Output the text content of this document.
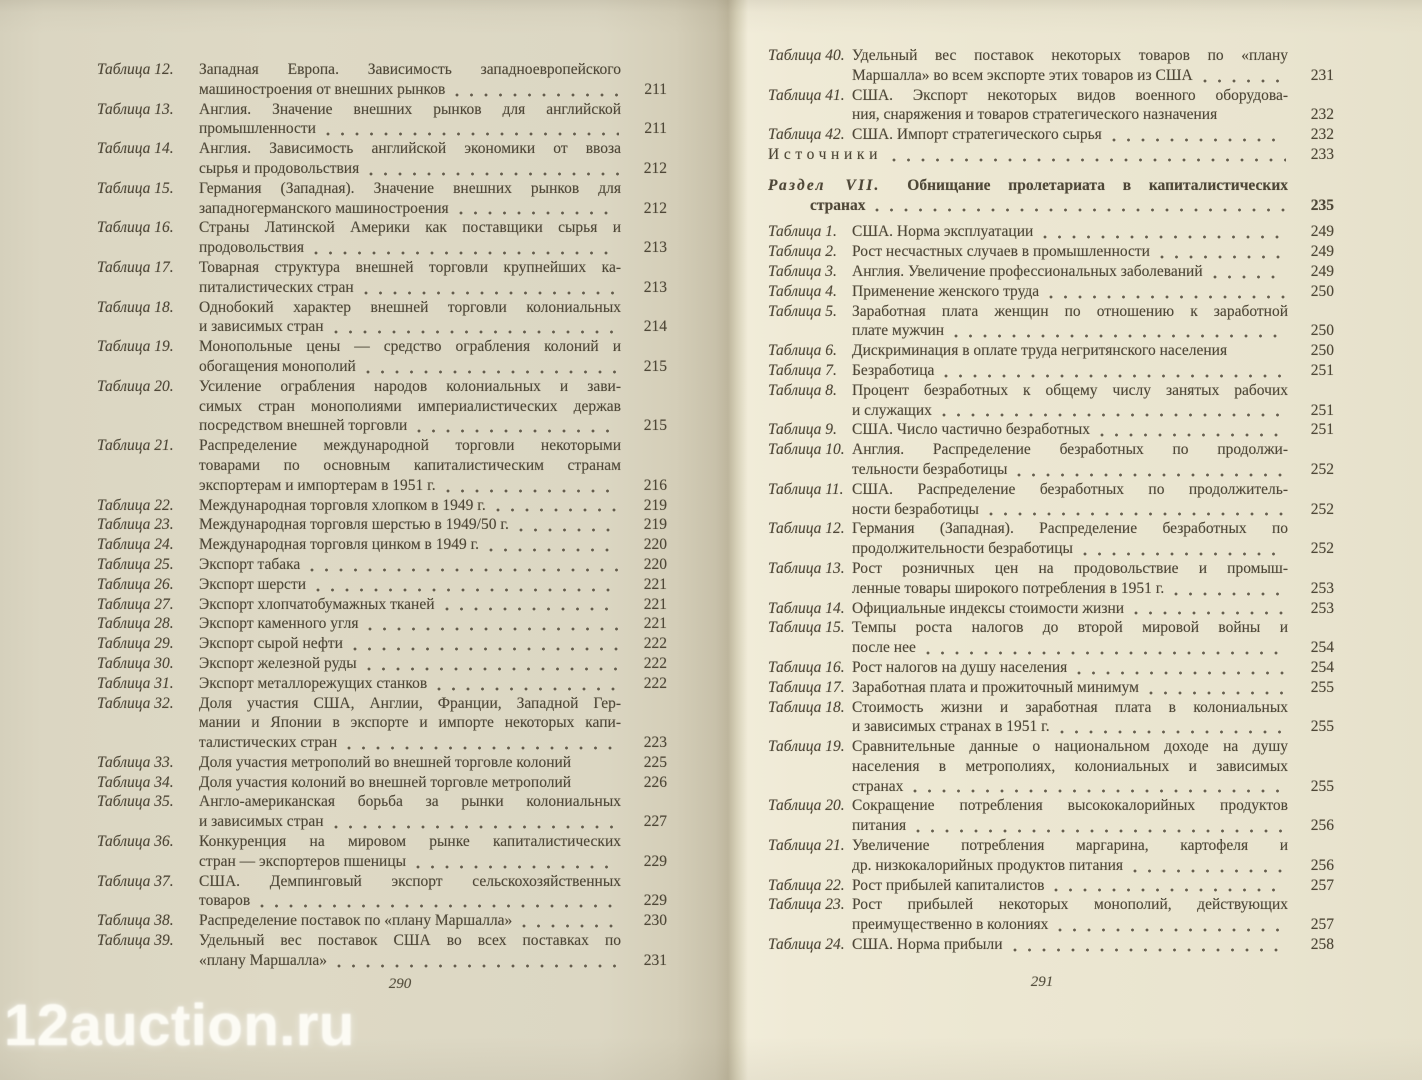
Таблица 12.	Западная Европа. Зависимость западноевропейского
машиностроения от внешних рынков	211
Таблица 13.	Англия. Значение внешних рынков для английской
промышленности	211
Таблица 14.	Англия. Зависимость английской экономики от ввоза
сырья и продовольствия	212
Таблица 15.	Германия (Западная). Значение внешних рынков для
западногерманского машиностроения	212
Таблица 16.	Страны Латинской Америки как поставщики сырья и
продовольствия	213
Таблица 17.	Товарная структура внешней торговли крупнейших ка-
питалистических стран	213
Таблица 18.	Однобокий характер внешней торговли колониальных
и зависимых стран	214
Таблица 19.	Монопольные цены — средство ограбления колоний и
обогащения монополий	215
Таблица 20.	Усиление ограбления народов колониальных и зави-
симых стран монополиями империалистических держав
посредством внешней торговли	215
Таблица 21.	Распределение международной торговли некоторыми
товарами по основным капиталистическим странам
экспортерам и импортерам в 1951 г.	216
Таблица 22.	Международная торговля хлопком в 1949 г.	219
Таблица 23.	Международная торговля шерстью в 1949/50 г.	219
Таблица 24.	Международная торговля цинком в 1949 г.	220
Таблица 25.	Экспорт табака	220
Таблица 26.	Экспорт шерсти	221
Таблица 27.	Экспорт хлопчатобумажных тканей	221
Таблица 28.	Экспорт каменного угля	221
Таблица 29.	Экспорт сырой нефти	222
Таблица 30.	Экспорт железной руды	222
Таблица 31.	Экспорт металлорежущих станков	222
Таблица 32.	Доля участия США, Англии, Франции, Западной Гер-
мании и Японии в экспорте и импорте некоторых капи-
талистических стран	223
Таблица 33.	Доля участия метрополий во внешней торговле колоний	225
Таблица 34.	Доля участия колоний во внешней торговле метрополий	226
Таблица 35.	Англо-американская борьба за рынки колониальных
и зависимых стран	227
Таблица 36.	Конкуренция на мировом рынке капиталистических
стран — экспортеров пшеницы	229
Таблица 37.	США. Демпинговый экспорт сельскохозяйственных
товаров	229
Таблица 38.	Распределение поставок по «плану Маршалла»	230
Таблица 39.	Удельный вес поставок США во всех поставках по
«плану Маршалла»	231
Таблица 40. Удельный вес поставок некоторых товаров по «плану
Маршалла» во всем экспорте этих товаров из США	231
Таблица 41. США. Экспорт некоторых видов военного оборудова-
ния, снаряжения и товаров стратегического назначения	232
Таблица 42. США. Импорт стратегического сырья	232
Источники	233
Раздел VII. Обнищание пролетариата в капиталистических
странах	235
Таблица 1. США. Норма эксплуатации	249
Таблица 2. Рост несчастных случаев в промышленности	249
Таблица 3. Англия. Увеличение профессиональных заболеваний	249
Таблица 4. Применение женского труда	250
Таблица 5. Заработная плата женщин по отношению к заработной
плате мужчин	250
Таблица 6. Дискриминация в оплате труда негритянского населения	250
Таблица 7. Безработица	251
Таблица 8. Процент безработных к общему числу занятых рабочих
и служащих	251
Таблица 9. США. Число частично безработных	251
Таблица 10. Англия. Распределение безработных по продолжи-
тельности безработицы	252
Таблица 11. США. Распределение безработных по продолжитель-
ности безработицы	252
Таблица 12. Германия (Западная). Распределение безработных по
продолжительности безработицы	252
Таблица 13. Рост розничных цен на продовольствие и промыш-
ленные товары широкого потребления в 1951 г.	253
Таблица 14. Официальные индексы стоимости жизни	253
Таблица 15. Темпы роста налогов до второй мировой войны и
после нее	254
Таблица 16. Рост налогов на душу населения	254
Таблица 17. Заработная плата и прожиточный минимум	255
Таблица 18. Стоимость жизни и заработная плата в колониальных
и зависимых странах в 1951 г.	255
Таблица 19. Сравнительные данные о национальном доходе на душу
населения в метрополиях, колониальных и зависимых
странах	255
Таблица 20. Сокращение потребления высококалорийных продуктов
питания	256
Таблица 21. Увеличение потребления маргарина, картофеля и
др. низкокалорийных продуктов питания	256
Таблица 22. Рост прибылей капиталистов	257
Таблица 23. Рост прибылей некоторых монополий, действующих
преимущественно в колониях	257
Таблица 24. США. Норма прибыли	258
290	291
12auction.ru
